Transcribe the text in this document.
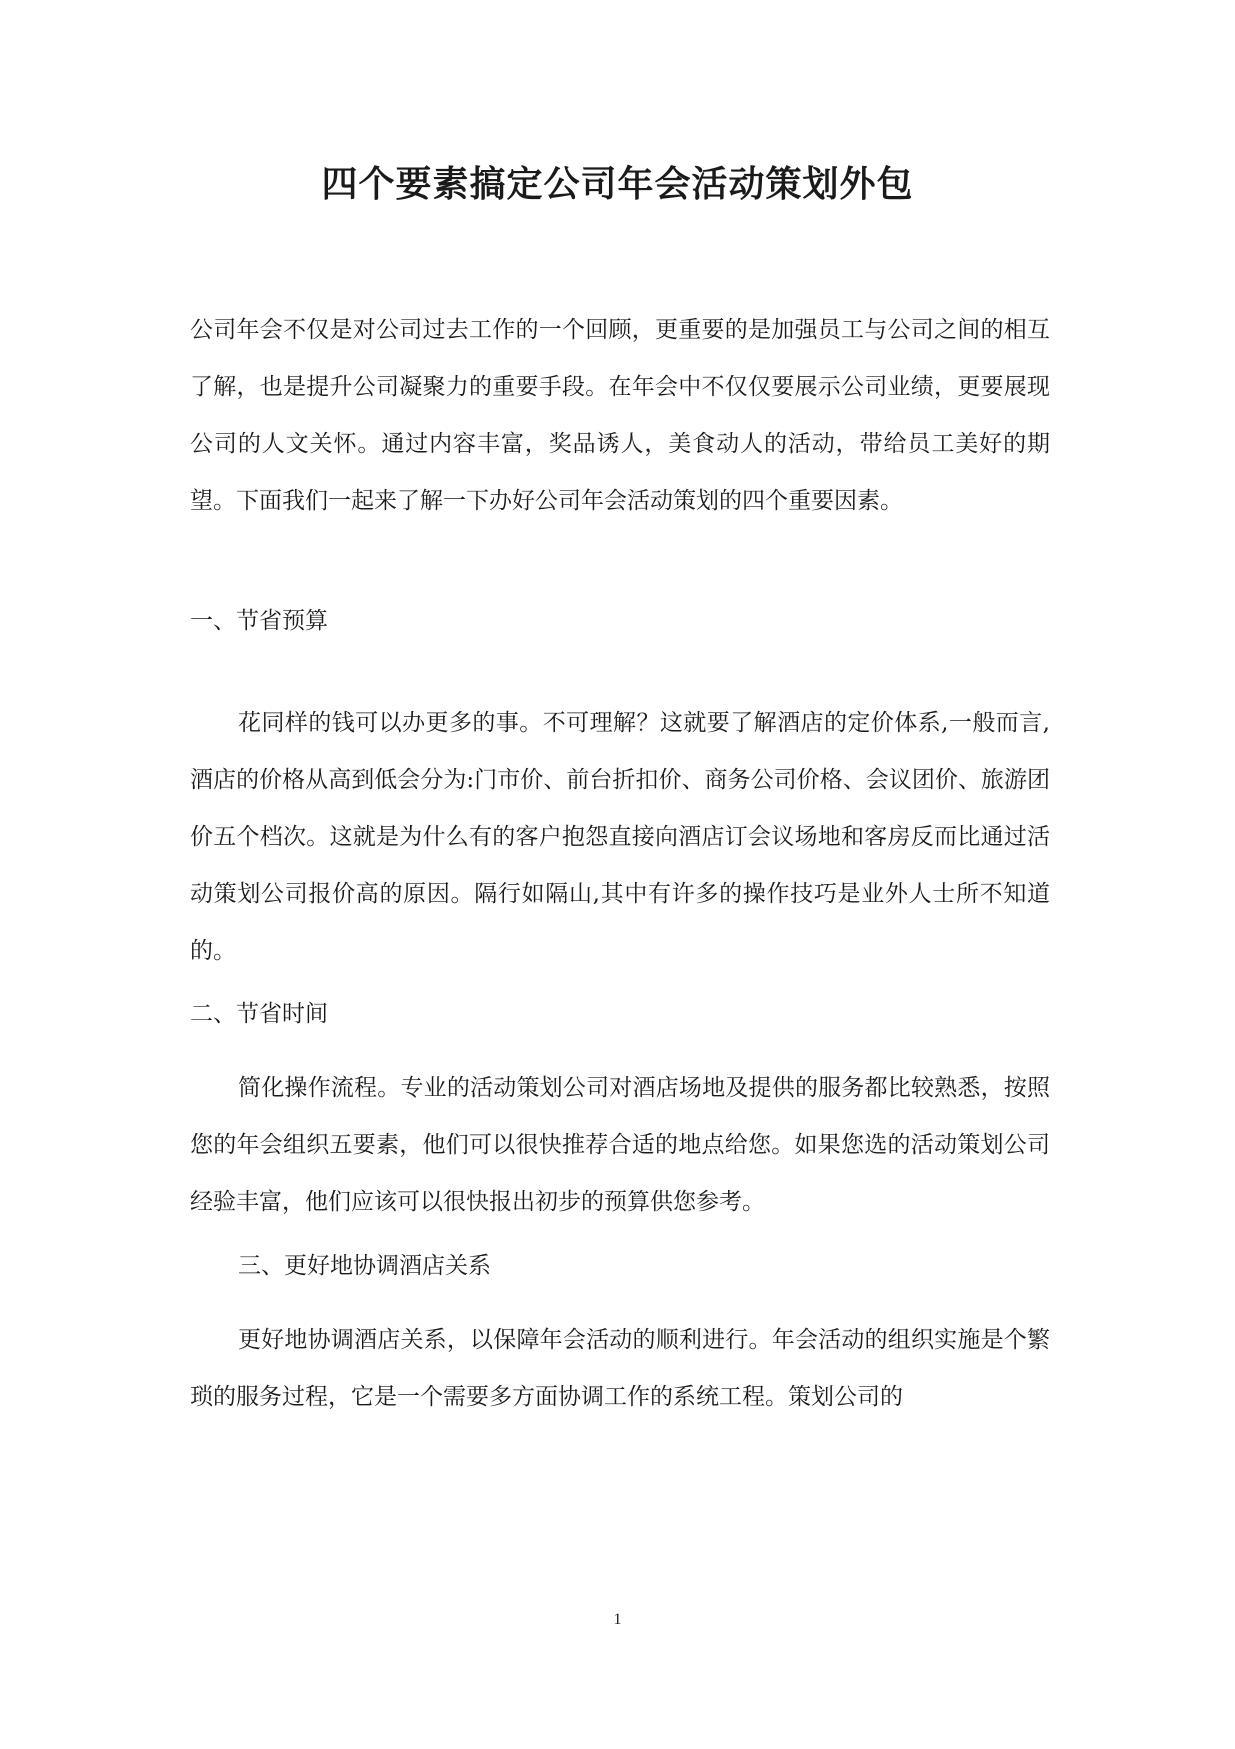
四个要素搞定公司年会活动策划外包

公司年会不仅是对公司过去工作的一个回顾，更重要的是加强员工与公司之间的相互了解，也是提升公司凝聚力的重要手段。在年会中不仅仅要展示公司业绩，更要展现公司的人文关怀。通过内容丰富，奖品诱人，美食动人的活动，带给员工美好的期望。下面我们一起来了解一下办好公司年会活动策划的四个重要因素。

一、节省预算

花同样的钱可以办更多的事。不可理解？这就要了解酒店的定价体系,一般而言,酒店的价格从高到低会分为:门市价、前台折扣价、商务公司价格、会议团价、旅游团价五个档次。这就是为什么有的客户抱怨直接向酒店订会议场地和客房反而比通过活动策划公司报价高的原因。隔行如隔山,其中有许多的操作技巧是业外人士所不知道的。

二、节省时间

简化操作流程。专业的活动策划公司对酒店场地及提供的服务都比较熟悉，按照您的年会组织五要素，他们可以很快推荐合适的地点给您。如果您选的活动策划公司经验丰富，他们应该可以很快报出初步的预算供您参考。

三、更好地协调酒店关系

更好地协调酒店关系，以保障年会活动的顺利进行。年会活动的组织实施是个繁琐的服务过程，它是一个需要多方面协调工作的系统工程。策划公司的

1
